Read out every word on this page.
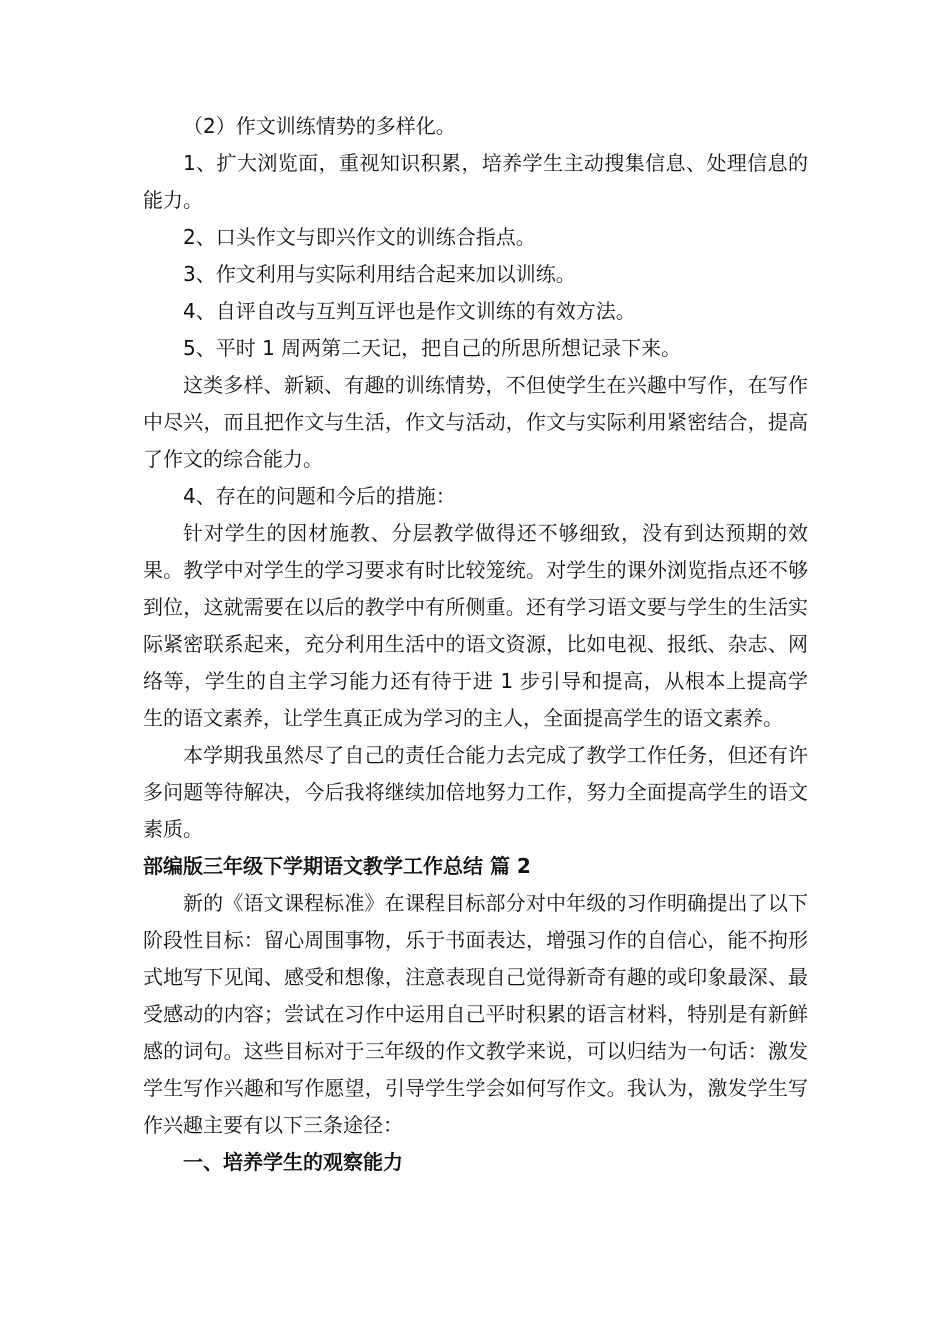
（2）作文训练情势的多样化。

1、扩大浏览面，重视知识积累，培养学生主动搜集信息、处理信息的能力。

2、口头作文与即兴作文的训练合指点。

3、作文利用与实际利用结合起来加以训练。

4、自评自改与互判互评也是作文训练的有效方法。

5、平时 1 周两第二天记，把自己的所思所想记录下来。

这类多样、新颖、有趣的训练情势，不但使学生在兴趣中写作，在写作中尽兴，而且把作文与生活，作文与活动，作文与实际利用紧密结合，提高了作文的综合能力。

4、存在的问题和今后的措施：

针对学生的因材施教、分层教学做得还不够细致，没有到达预期的效果。教学中对学生的学习要求有时比较笼统。对学生的课外浏览指点还不够到位，这就需要在以后的教学中有所侧重。还有学习语文要与学生的生活实际紧密联系起来，充分利用生活中的语文资源，比如电视、报纸、杂志、网络等，学生的自主学习能力还有待于进 1 步引导和提高，从根本上提高学生的语文素养，让学生真正成为学习的主人，全面提高学生的语文素养。

本学期我虽然尽了自己的责任合能力去完成了教学工作任务，但还有许多问题等待解决，今后我将继续加倍地努力工作，努力全面提高学生的语文素质。

部编版三年级下学期语文教学工作总结 篇 2

新的《语文课程标准》在课程目标部分对中年级的习作明确提出了以下阶段性目标：留心周围事物，乐于书面表达，增强习作的自信心，能不拘形式地写下见闻、感受和想像，注意表现自己觉得新奇有趣的或印象最深、最受感动的内容；尝试在习作中运用自己平时积累的语言材料，特别是有新鲜感的词句。这些目标对于三年级的作文教学来说，可以归结为一句话：激发学生写作兴趣和写作愿望，引导学生学会如何写作文。我认为，激发学生写作兴趣主要有以下三条途径：

一、培养学生的观察能力
